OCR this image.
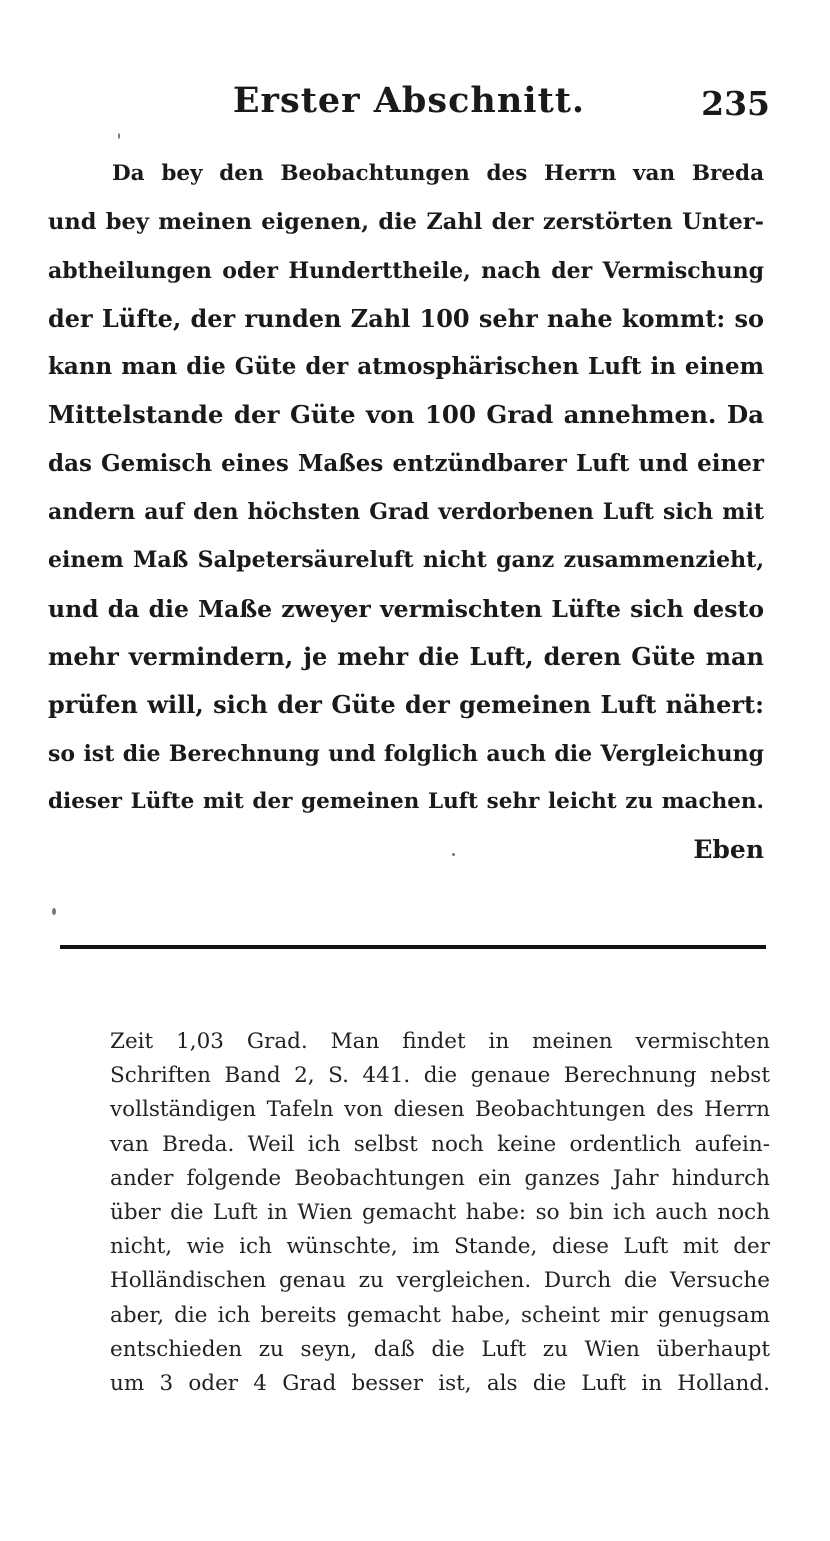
Erster Abschnitt.	235
Da bey den Beobachtungen des Herrn van Breda
und bey meinen eigenen, die Zahl der zerstörten Unter-
abtheilungen oder Hunderttheile, nach der Vermischung
der Lüfte, der runden Zahl 100 sehr nahe kommt: so
kann man die Güte der atmosphärischen Luft in einem
Mittelstande der Güte von 100 Grad annehmen. Da
das Gemisch eines Maßes entzündbarer Luft und einer
andern auf den höchsten Grad verdorbenen Luft sich mit
einem Maß Salpetersäureluft nicht ganz zusammenzieht,
und da die Maße zweyer vermischten Lüfte sich desto
mehr vermindern, je mehr die Luft, deren Güte man
prüfen will, sich der Güte der gemeinen Luft nähert:
so ist die Berechnung und folglich auch die Vergleichung
dieser Lüfte mit der gemeinen Luft sehr leicht zu machen.
Eben
Zeit 1,03 Grad. Man findet in meinen vermischten
Schriften Band 2, S. 441. die genaue Berechnung nebst
vollständigen Tafeln von diesen Beobachtungen des Herrn
van Breda. Weil ich selbst noch keine ordentlich aufein-
ander folgende Beobachtungen ein ganzes Jahr hindurch
über die Luft in Wien gemacht habe: so bin ich auch noch
nicht, wie ich wünschte, im Stande, diese Luft mit der
Holländischen genau zu vergleichen. Durch die Versuche
aber, die ich bereits gemacht habe, scheint mir genugsam
entschieden zu seyn, daß die Luft zu Wien überhaupt
um 3 oder 4 Grad besser ist, als die Luft in Holland.
